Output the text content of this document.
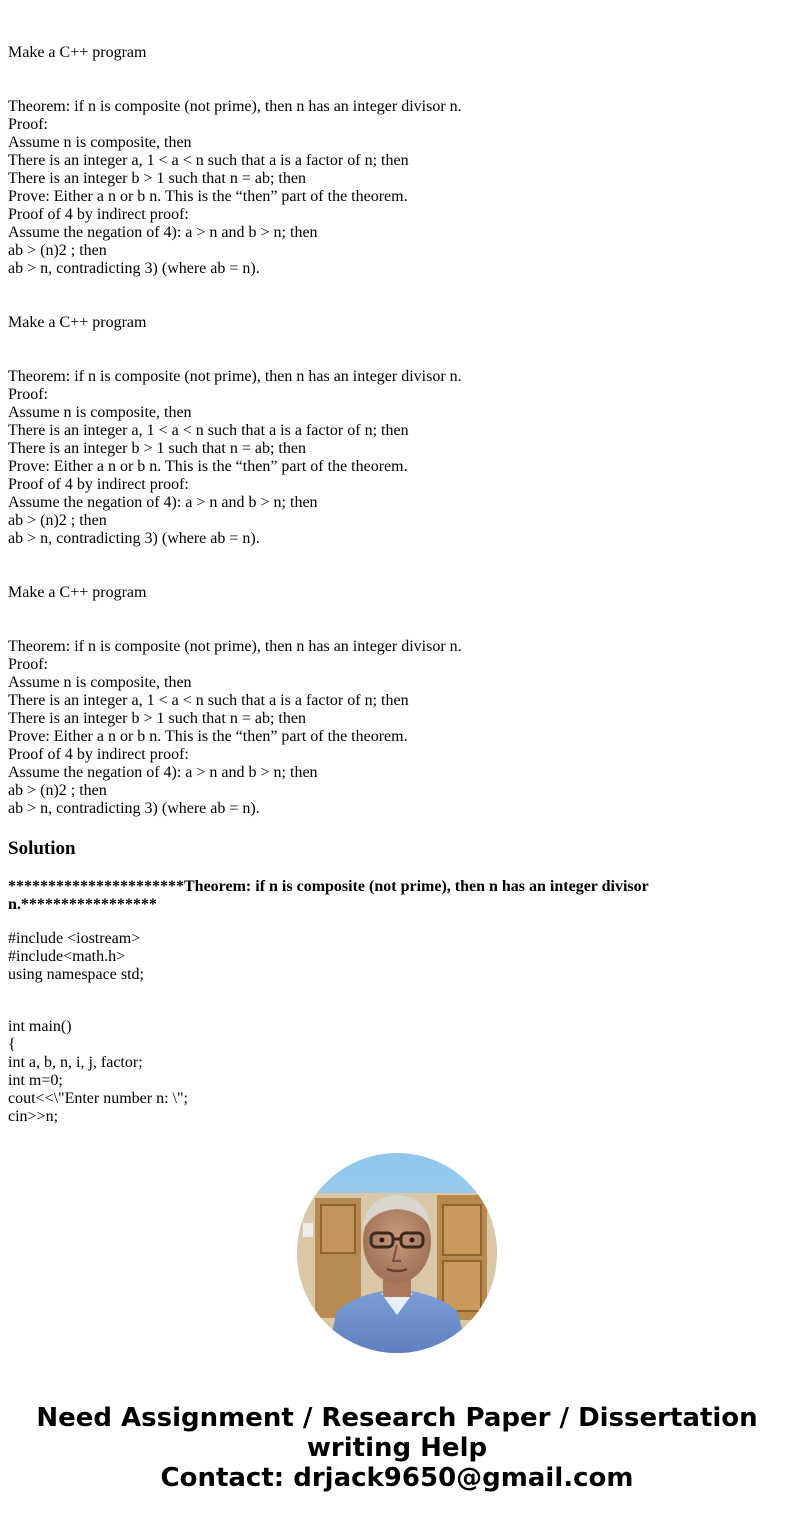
Make a C++ program
Theorem: if n is composite (not prime), then n has an integer divisor n.
Proof:
Assume n is composite, then
There is an integer a, 1 < a < n such that a is a factor of n; then
There is an integer b > 1 such that n = ab; then
Prove: Either a n or b n. This is the “then” part of the theorem.
Proof of 4 by indirect proof:
Assume the negation of 4): a > n and b > n; then
ab > (n)2 ; then
ab > n, contradicting 3) (where ab = n).
Make a C++ program
Theorem: if n is composite (not prime), then n has an integer divisor n.
Proof:
Assume n is composite, then
There is an integer a, 1 < a < n such that a is a factor of n; then
There is an integer b > 1 such that n = ab; then
Prove: Either a n or b n. This is the “then” part of the theorem.
Proof of 4 by indirect proof:
Assume the negation of 4): a > n and b > n; then
ab > (n)2 ; then
ab > n, contradicting 3) (where ab = n).
Make a C++ program
Theorem: if n is composite (not prime), then n has an integer divisor n.
Proof:
Assume n is composite, then
There is an integer a, 1 < a < n such that a is a factor of n; then
There is an integer b > 1 such that n = ab; then
Prove: Either a n or b n. This is the “then” part of the theorem.
Proof of 4 by indirect proof:
Assume the negation of 4): a > n and b > n; then
ab > (n)2 ; then
ab > n, contradicting 3) (where ab = n).
Solution
**********************Theorem: if n is composite (not prime), then n has an integer divisor n.*****************
#include <iostream>
#include<math.h>
using namespace std;
int main()
{
int a, b, n, i, j, factor;
int m=0;
cout<<\"Enter number n: \";
cin>>n;
Need Assignment / Research Paper / Dissertation
writing Help
Contact: drjack9650@gmail.com
